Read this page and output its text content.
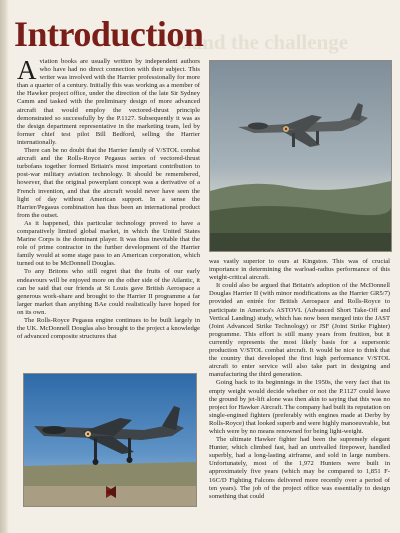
...and the challenge
Introduction

Aviation books are usually written by independent authors who have had no direct connection with their subject. This writer was involved with the Harrier professionally for more than a quarter of a century. Initially this was working as a member of the Hawker project office, under the direction of the late Sir Sydney Camm and tasked with the preliminary design of more advanced aircraft that would employ the vectored-thrust principle demonstrated so successfully by the P.1127. Subsequently it was as the design department representative in the marketing team, led by former chief test pilot Bill Bedford, selling the Harrier internationally.

There can be no doubt that the Harrier family of V/STOL combat aircraft and the Rolls-Royce Pegasus series of vectored-thrust turbofans together formed Britain's most important contribution to post-war military aviation technology. It should be remembered, however, that the original powerplant concept was a derivative of a French invention, and that the aircraft would never have seen the light of day without American support. In a sense the Harrier/Pegasus combination has thus been an international product from the outset.

As it happened, this particular technology proved to have a comparatively limited global market, in which the United States Marine Corps is the dominant player. It was thus inevitable that the role of prime contractor in the further development of the Harrier family would at some stage pass to an American corporation, which turned out to be McDonnell Douglas.

To any Britons who still regret that the fruits of our early endeavours will be enjoyed more on the other side of the Atlantic, it can be said that our friends at St Louis gave British Aerospace a generous work-share and brought to the Harrier II programme a far larger market than anything BAe could realistically have hoped for on its own.

The Rolls-Royce Pegasus engine continues to be built largely in the UK. McDonnell Douglas also brought to the project a knowledge of advanced composite structures that

was vastly superior to ours at Kingston. This was of crucial importance in determining the warload-radius performance of this weight-critical aircraft.

It could also be argued that Britain's adoption of the McDonnell Douglas Harrier II (with minor modifications as the Harrier GR5/7) provided an entrée for British Aerospace and Rolls-Royce to participate in America's ASTOVL (Advanced Short Take-Off and Vertical Landing) study, which has now been merged into the JAST (Joint Advanced Strike Technology) or JSF (Joint Strike Fighter) programme. This effort is still many years from fruition, but it currently represents the most likely basis for a supersonic production V/STOL combat aircraft. It would be nice to think that the country that developed the first high performance V/STOL aircraft to enter service will also take part in designing and manufacturing the third generation.

Going back to its beginnings in the 1950s, the very fact that its empty weight would decide whether or not the P.1127 could leave the ground by jet-lift alone was then akin to saying that this was no project for Hawker Aircraft. The company had built its reputation on single-engined fighters (preferably with engines made at Derby by Rolls-Royce) that looked superb and were highly manoeuvrable, but which were by no means renowned for being light-weight.

The ultimate Hawker fighter had been the supremely elegant Hunter, which climbed fast, had an unrivalled firepower, handled superbly, had a long-lasting airframe, and sold in large numbers. Unfortunately, most of the 1,972 Hunters were built in approximately five years (which may be compared to 1,851 F-16C/D Fighting Falcons delivered more recently over a period of ten years). The job of the project office was essentially to design something that could
